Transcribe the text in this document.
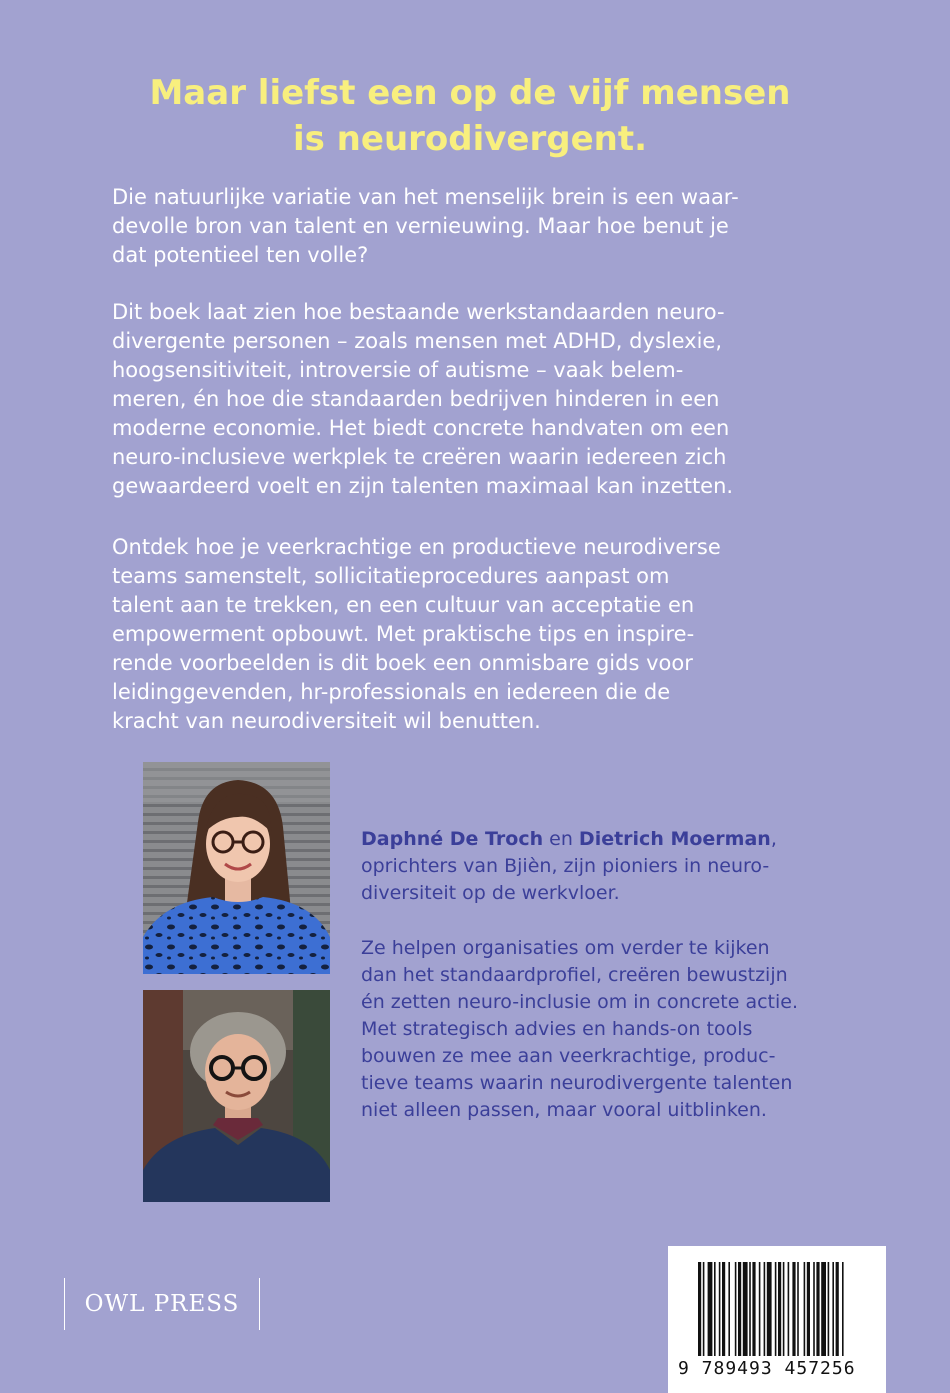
Maar liefst een op de vijf mensen
is neurodivergent.
Die natuurlijke variatie van het menselijk brein is een waar-
devolle bron van talent en vernieuwing. Maar hoe benut je
dat potentieel ten volle?
Dit boek laat zien hoe bestaande werkstandaarden neuro-
divergente personen – zoals mensen met ADHD, dyslexie,
hoogsensitiviteit, introversie of autisme – vaak belem-
meren, én hoe die standaarden bedrijven hinderen in een
moderne economie. Het biedt concrete handvaten om een
neuro-inclusieve werkplek te creëren waarin iedereen zich
gewaardeerd voelt en zijn talenten maximaal kan inzetten.
Ontdek hoe je veerkrachtige en productieve neurodiverse
teams samenstelt, sollicitatieprocedures aanpast om
talent aan te trekken, en een cultuur van acceptatie en
empowerment opbouwt. Met praktische tips en inspire-
rende voorbeelden is dit boek een onmisbare gids voor
leidinggevenden, hr-professionals en iedereen die de
kracht van neurodiversiteit wil benutten.
Daphné De Troch en Dietrich Moerman,
oprichters van Bjièn, zijn pioniers in neuro-
diversiteit op de werkvloer.
Ze helpen organisaties om verder te kijken
dan het standaardprofiel, creëren bewustzijn
én zetten neuro-inclusie om in concrete actie.
Met strategisch advies en hands-on tools
bouwen ze mee aan veerkrachtige, produc-
tieve teams waarin neurodivergente talenten
niet alleen passen, maar vooral uitblinken.
OWL PRESS
9 789493 457256
